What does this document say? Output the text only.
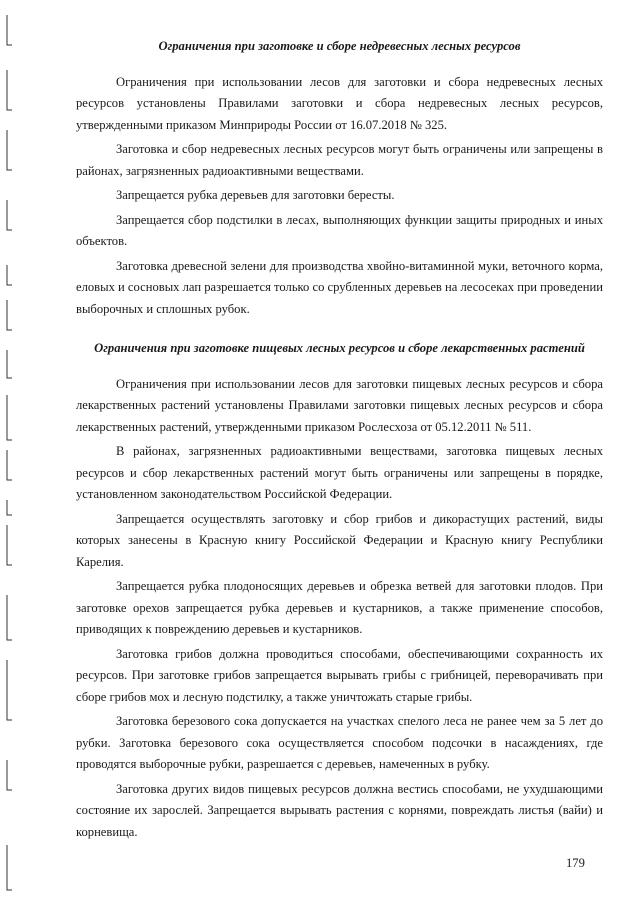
Ограничения при заготовке и сборе недревесных лесных ресурсов

Ограничения при использовании лесов для заготовки и сбора недревесных лесных ресурсов установлены Правилами заготовки и сбора недревесных лесных ресурсов, утвержденными приказом Минприроды России от 16.07.2018 № 325.

Заготовка и сбор недревесных лесных ресурсов могут быть ограничены или запрещены в районах, загрязненных радиоактивными веществами.

Запрещается рубка деревьев для заготовки бересты.

Запрещается сбор подстилки в лесах, выполняющих функции защиты природных и иных объектов.

Заготовка древесной зелени для производства хвойно-витаминной муки, веточного корма, еловых и сосновых лап разрешается только со срубленных деревьев на лесосеках при проведении выборочных и сплошных рубок.

Ограничения при заготовке пищевых лесных ресурсов и сборе лекарственных растений

Ограничения при использовании лесов для заготовки пищевых лесных ресурсов и сбора лекарственных растений установлены Правилами заготовки пищевых лесных ресурсов и сбора лекарственных растений, утвержденными приказом Рослесхоза от 05.12.2011 № 511.

В районах, загрязненных радиоактивными веществами, заготовка пищевых лесных ресурсов и сбор лекарственных растений могут быть ограничены или запрещены в порядке, установленном законодательством Российской Федерации.

Запрещается осуществлять заготовку и сбор грибов и дикорастущих растений, виды которых занесены в Красную книгу Российской Федерации и Красную книгу Республики Карелия.

Запрещается рубка плодоносящих деревьев и обрезка ветвей для заготовки плодов. При заготовке орехов запрещается рубка деревьев и кустарников, а также применение способов, приводящих к повреждению деревьев и кустарников.

Заготовка грибов должна проводиться способами, обеспечивающими сохранность их ресурсов. При заготовке грибов запрещается вырывать грибы с грибницей, переворачивать при сборе грибов мох и лесную подстилку, а также уничтожать старые грибы.

Заготовка березового сока допускается на участках спелого леса не ранее чем за 5 лет до рубки. Заготовка березового сока осуществляется способом подсочки в насаждениях, где проводятся выборочные рубки, разрешается с деревьев, намеченных в рубку.

Заготовка других видов пищевых ресурсов должна вестись способами, не ухудшающими состояние их зарослей. Запрещается вырывать растения с корнями, повреждать листья (вайи) и корневища.

179
